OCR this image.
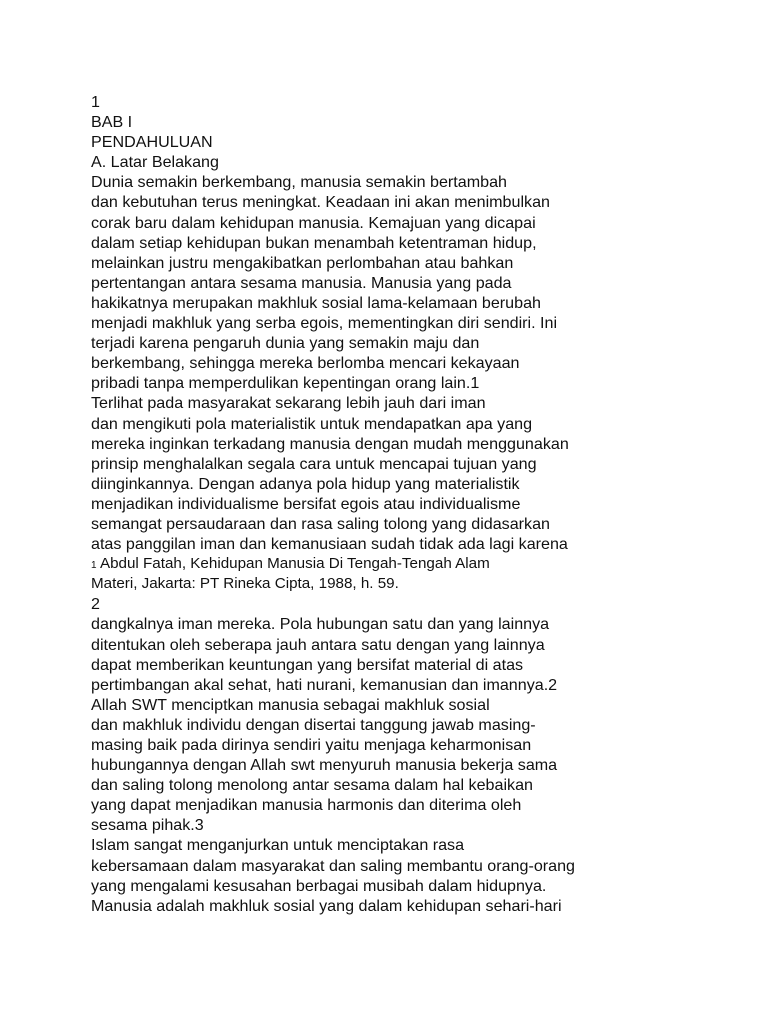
1
BAB I
PENDAHULUAN
A. Latar Belakang
Dunia semakin berkembang, manusia semakin bertambah
dan kebutuhan terus meningkat. Keadaan ini akan menimbulkan
corak baru dalam kehidupan manusia. Kemajuan yang dicapai
dalam setiap kehidupan bukan menambah ketentraman hidup,
melainkan justru mengakibatkan perlombahan atau bahkan
pertentangan antara sesama manusia. Manusia yang pada
hakikatnya merupakan makhluk sosial lama-kelamaan berubah
menjadi makhluk yang serba egois, mementingkan diri sendiri. Ini
terjadi karena pengaruh dunia yang semakin maju dan
berkembang, sehingga mereka berlomba mencari kekayaan
pribadi tanpa memperdulikan kepentingan orang lain.1
Terlihat pada masyarakat sekarang lebih jauh dari iman
dan mengikuti pola materialistik untuk mendapatkan apa yang
mereka inginkan terkadang manusia dengan mudah menggunakan
prinsip menghalalkan segala cara untuk mencapai tujuan yang
diinginkannya. Dengan adanya pola hidup yang materialistik
menjadikan individualisme bersifat egois atau individualisme
semangat persaudaraan dan rasa saling tolong yang didasarkan
atas panggilan iman dan kemanusiaan sudah tidak ada lagi karena
1 Abdul Fatah, Kehidupan Manusia Di Tengah-Tengah Alam
Materi, Jakarta: PT Rineka Cipta, 1988, h. 59.
2
dangkalnya iman mereka. Pola hubungan satu dan yang lainnya
ditentukan oleh seberapa jauh antara satu dengan yang lainnya
dapat memberikan keuntungan yang bersifat material di atas
pertimbangan akal sehat, hati nurani, kemanusian dan imannya.2
Allah SWT menciptkan manusia sebagai makhluk sosial
dan makhluk individu dengan disertai tanggung jawab masing-
masing baik pada dirinya sendiri yaitu menjaga keharmonisan
hubungannya dengan Allah swt menyuruh manusia bekerja sama
dan saling tolong menolong antar sesama dalam hal kebaikan
yang dapat menjadikan manusia harmonis dan diterima oleh
sesama pihak.3
Islam sangat menganjurkan untuk menciptakan rasa
kebersamaan dalam masyarakat dan saling membantu orang-orang
yang mengalami kesusahan berbagai musibah dalam hidupnya.
Manusia adalah makhluk sosial yang dalam kehidupan sehari-hari
